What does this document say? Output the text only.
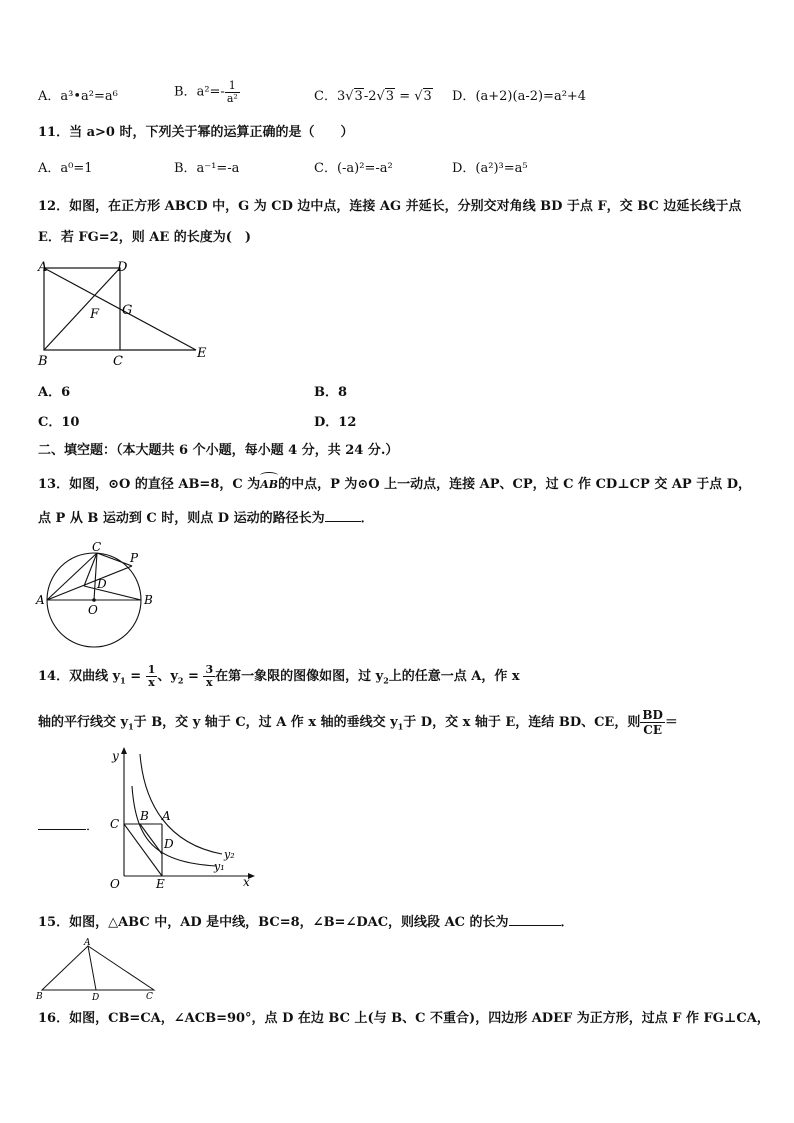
A．a³•a²=a⁶	B．$a^2=- \frac{1}{\text{a²}}$	C．3√3-2√3 = √3 D．(a+2)(a-2)=a²+4
11．当 a>0 时，下列关于幂的运算正确的是（　　）
A．a⁰=1	B．a⁻¹=-a	C．(-a)²=-a²	D．(a²)³=a⁵
12．如图，在正方形 ABCD 中，G 为 CD 边中点，连接 AG 并延长，分别交对角线 BD 于点 F，交 BC 边延长线于点
E．若 FG=2，则 AE 的长度为(　)
A	D
G
F
B	C
E
A．6	B．8
C．10	D．12
二、填空题：（本大题共 6 个小题，每小题 4 分，共 24 分.）
13．如图，⊙O 的直径 AB=8，C 为
AB的中点，P 为⊙O 上一动点，连接 AP、CP，过 C 作 CD⊥CP 交 AP 于点 D，
点 P 从 B 运动到 C 时，则点 D 运动的路径长为	．
C
P
D
A	B
O
14．双曲线 $y_1 = \frac{1}{x}$ 、$y_2 = \frac{3}{x}$ 在第一象限的图像如图，过 $y_2$上的任意一点 A，作 x
轴的平行线交 $y_1$于 B，交 y 轴于 C，过 A 作 x 轴的垂线交 $y_1$于 D，交 x 轴于 E，连结 BD、CE，则 $\frac{BD}{CE}$ ＝
．
y
x
O
C
B A
D
E
y₂
y₁
15．如图，△ABC 中，AD 是中线，BC=8，∠B=∠DAC，则线段 AC 的长为	．
A
B	D	C
16．如图，CB=CA，∠ACB=90°，点 D 在边 BC 上(与 B、C 不重合)，四边形 ADEF 为正方形，过点 F 作 FG⊥CA，
